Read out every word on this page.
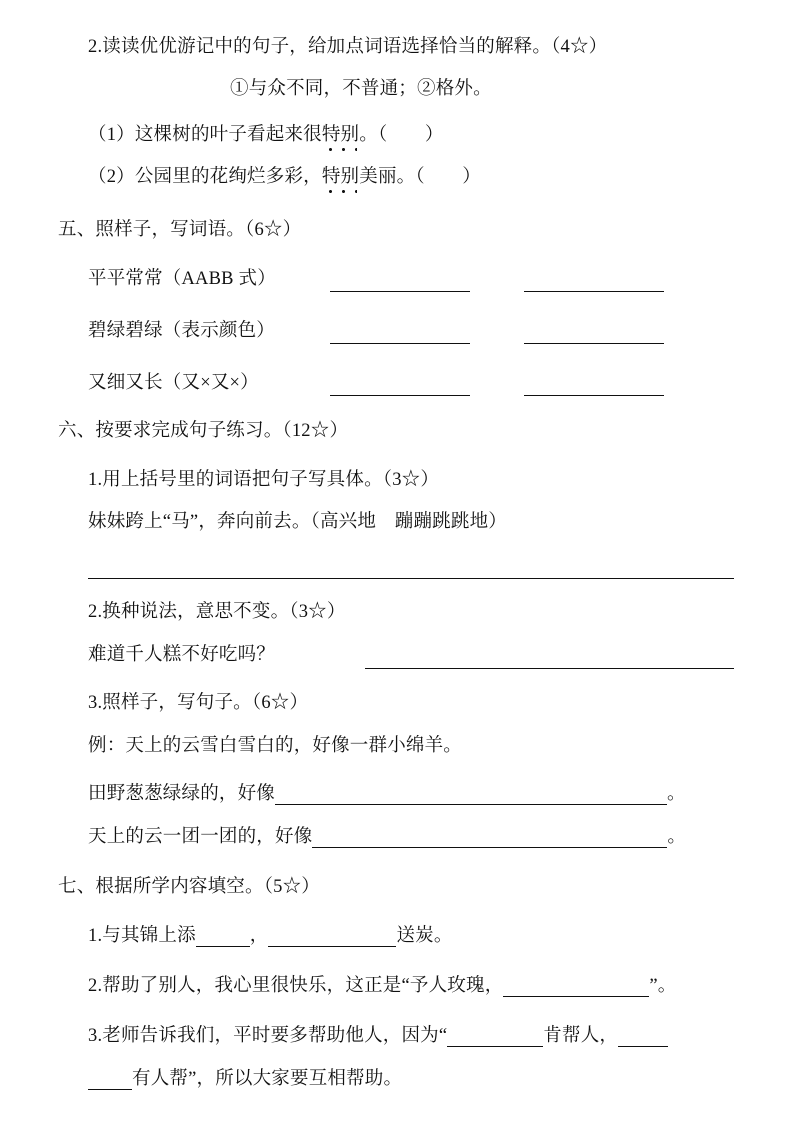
2.读读优优游记中的句子，给加点词语选择恰当的解释。（4☆）
①与众不同，不普通；②格外。
（1）这棵树的叶子看起来很特别。（　　）
（2）公园里的花绚烂多彩，特别美丽。（　　）
五、照样子，写词语。（6☆）
平平常常（AABB 式）
碧绿碧绿（表示颜色）
又细又长（又×又×）
六、按要求完成句子练习。（12☆）
1.用上括号里的词语把句子写具体。（3☆）
妹妹跨上“马”，奔向前去。（高兴地　蹦蹦跳跳地）
2.换种说法，意思不变。（3☆）
难道千人糕不好吃吗？
3.照样子，写句子。（6☆）
例：天上的云雪白雪白的，好像一群小绵羊。
田野葱葱绿绿的，好像	。
天上的云一团一团的，好像	。
七、根据所学内容填空。（5☆）
1.与其锦上添	，	送炭。
2.帮助了别人，我心里很快乐，这正是“予人玫瑰，	”。
3.老师告诉我们，平时要多帮助他人，因为“	肯帮人，
有人帮”，所以大家要互相帮助。
